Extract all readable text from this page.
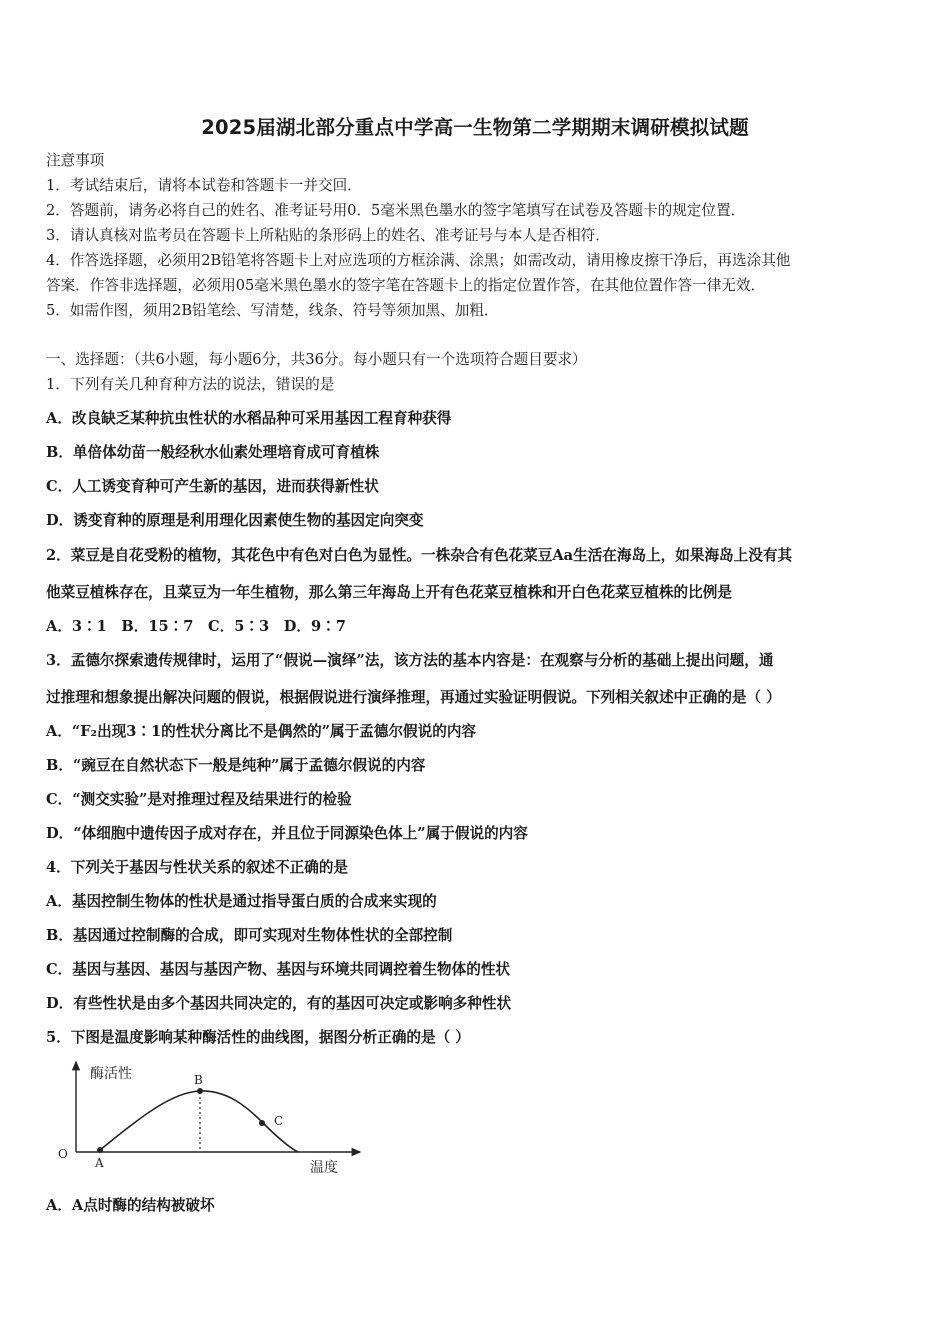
2025届湖北部分重点中学高一生物第二学期期末调研模拟试题
注意事项
1．考试结束后，请将本试卷和答题卡一并交回．
2．答题前，请务必将自己的姓名、准考证号用0．5毫米黑色墨水的签字笔填写在试卷及答题卡的规定位置．
3．请认真核对监考员在答题卡上所粘贴的条形码上的姓名、准考证号与本人是否相符．
4．作答选择题，必须用2B铅笔将答题卡上对应选项的方框涂满、涂黑；如需改动，请用橡皮擦干净后，再选涂其他
答案．作答非选择题，必须用05毫米黑色墨水的签字笔在答题卡上的指定位置作答，在其他位置作答一律无效．
5．如需作图，须用2B铅笔绘、写清楚，线条、符号等须加黑、加粗．
一、选择题：（共6小题，每小题6分，共36分。每小题只有一个选项符合题目要求）
1．下列有关几种育种方法的说法，错误的是
A．改良缺乏某种抗虫性状的水稻品种可采用基因工程育种获得
B．单倍体幼苗一般经秋水仙素处理培育成可育植株
C．人工诱变育种可产生新的基因，进而获得新性状
D．诱变育种的原理是利用理化因素使生物的基因定向突变
2．菜豆是自花受粉的植物，其花色中有色对白色为显性。一株杂合有色花菜豆Aa生活在海岛上，如果海岛上没有其
他菜豆植株存在，且菜豆为一年生植物，那么第三年海岛上开有色花菜豆植株和开白色花菜豆植株的比例是
A．3∶1　B．15∶7　C．5∶3　D．9∶7
3．孟德尔探索遗传规律时，运用了“假说—演绎”法，该方法的基本内容是：在观察与分析的基础上提出问题，通
过推理和想象提出解决问题的假说，根据假说进行演绎推理，再通过实验证明假说。下列相关叙述中正确的是（ ）
A．“F₂出现3∶1的性状分离比不是偶然的”属于孟德尔假说的内容
B．“豌豆在自然状态下一般是纯种”属于孟德尔假说的内容
C．“测交实验”是对推理过程及结果进行的检验
D．“体细胞中遗传因子成对存在，并且位于同源染色体上”属于假说的内容
4．下列关于基因与性状关系的叙述不正确的是
A．基因控制生物体的性状是通过指导蛋白质的合成来实现的
B．基因通过控制酶的合成，即可实现对生物体性状的全部控制
C．基因与基因、基因与基因产物、基因与环境共同调控着生物体的性状
D．有些性状是由多个基因共同决定的，有的基因可决定或影响多种性状
5．下图是温度影响某种酶活性的曲线图，据图分析正确的是（ ）
酶活性
温度
O
A
B
C
A．A点时酶的结构被破坏
